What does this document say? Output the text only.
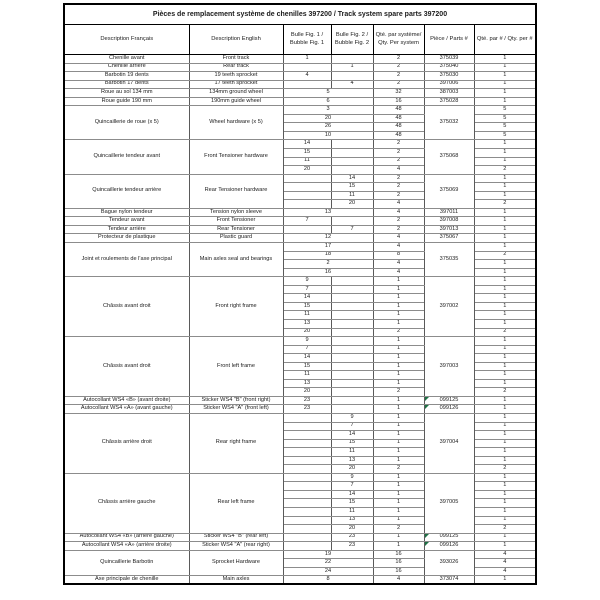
Pièces de remplacement système de chenilles 397200 / Track system spare parts 397200						
Description Français	Description English	Bulle Fig. 1 / Bubble Fig. 1	Bulle Fig. 2 / Bubble Fig. 2	Qté. par système/ Qty. Per system	Pièce / Parts #	Qté. par # / Qty. per #
Chenille avant	Front track	1		2	375039	1
Chenille arrière	Rear track		1	2	375040	1
Barbotin 19 dents	19 teeth sprocket	4		2	375030	1
Barbotin 17 dents	17 teeth sprocket		4	2	397006	1
Roue au sol 134 mm	134mm ground wheel	5		32	387003	1
Roue guide 190 mm	190mm guide wheel	6		16	375028	1
Quincaillerie de roue (x 5)	Wheel hardware (x 5)	3		48	375032	5
		20		48		5
		26		48		5
		10		48		5
Quincaillerie tendeur avant	Front Tensioner hardware	14		2	375068	1
		15		2		1
		11		2		1
		20		4		2
Quincaillerie tendeur arrière	Rear Tensioner hardware		14	2	375069	1
			15	2		1
			11	2		1
			20	4		2
Bague nylon tendeur	Tension nylon sleeve	13		4	397011	1
Tendeur avant	Front Tensioner	7		2	397008	1
Tendeur arrière	Rear Tensioner		7	2	397013	1
Protecteur de plastique	Plastic guard	12		4	375067	1
Joint et roulements de l'axe principal	Main axles seal and bearings	17		4	375035	1
		18		8		2
		2		4		1
		16		4		1
Châssis avant droit	Front right frame	9		1	397002	1
		7		1		1
		14		1		1
		15		1		1
		11		1		1
		13		1		1
		20		2		2
Châssis avant droit	Front left frame	9		1	397003	1
		7		1		1
		14		1		1
		15		1		1
		11		1		1
		13		1		1
		20		2		2
Autocollant WS4 «B» (avant droite)	Sticker WS4 "B" (front right)	23		1	099125	1
Autocollant WS4 «A» (avant gauche)	Sticker WS4 "A" (front left)	23		1	099126	1
Châssis arrière droit	Rear right frame		9	1	397004	1
			7	1		1
			14	1		1
			15	1		1
			11	1		1
			13	1		1
			20	2		2
Châssis arrière gauche	Rear left frame		9	1	397005	1
			7	1		1
			14	1		1
			15	1		1
			11	1		1
			13	1		1
			20	2		2
Autocollant WS4 «B» (arrière gauche)	Sticker WS4 "B" (rear left)		23	1	099125	1
Autocollant WS4 «A» (arrière droite)	Sticker WS4 "A" (rear right)		23	1	099126	1
Quincaillerie Barbotin	Sprocket Hardware	19		16	393026	4
		22		16		4
		24		16		4
Axe principale de chenille	Main axles	8		4	373074	1
